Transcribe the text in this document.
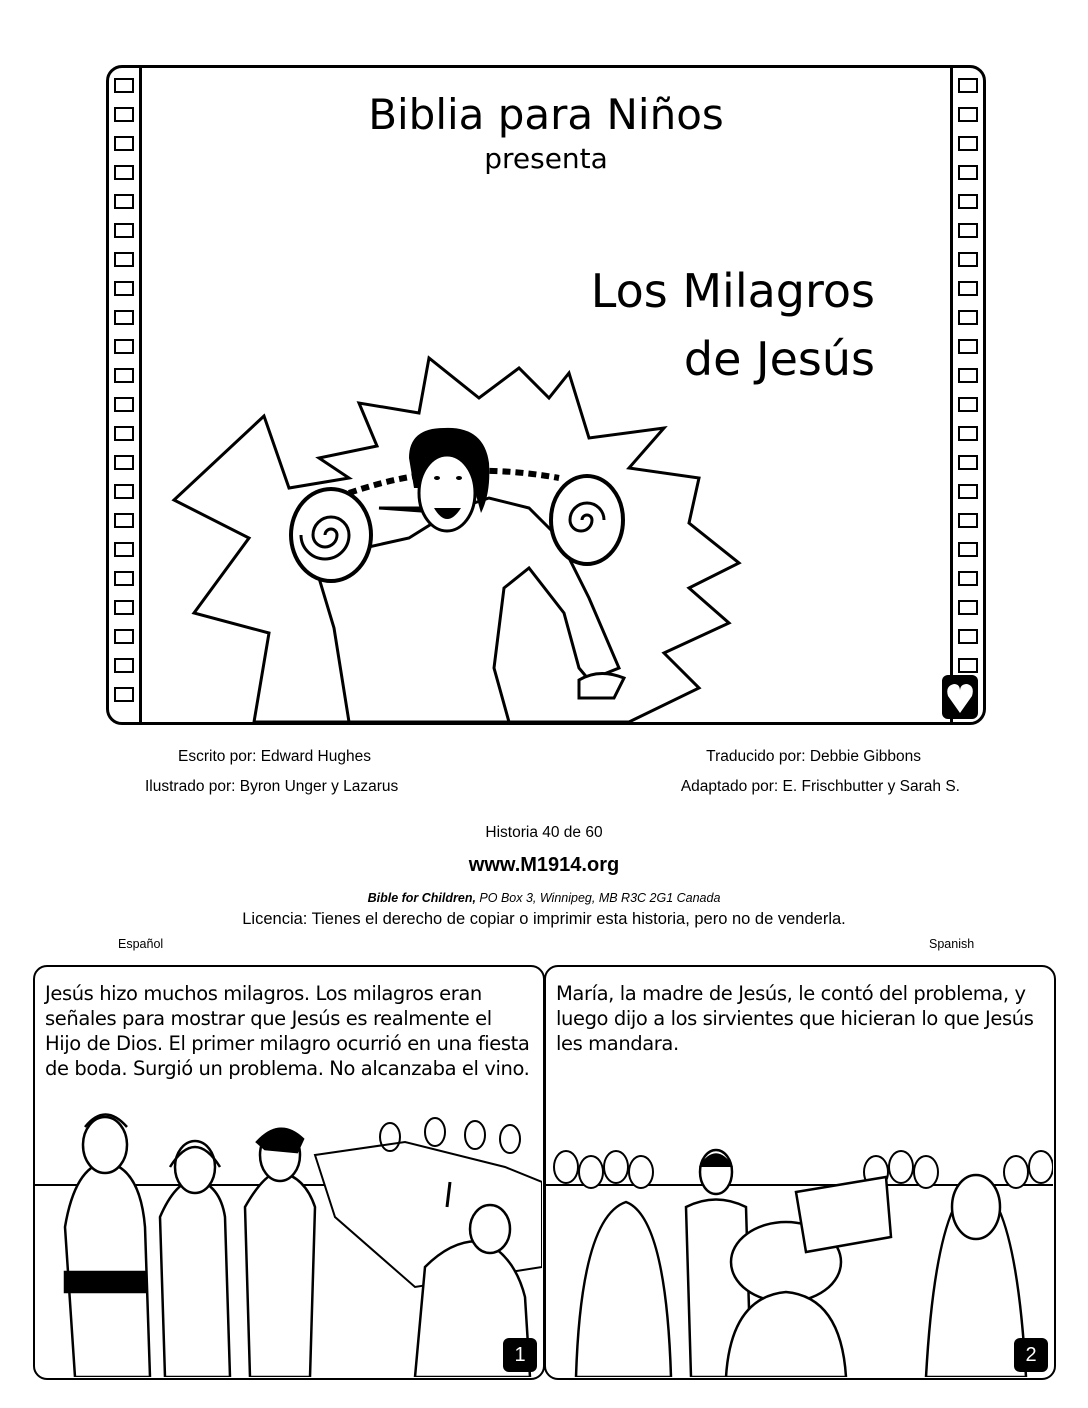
Biblia para Niños
presenta
Los Milagros
de Jesús
Escrito por: Edward Hughes
Ilustrado por: Byron Unger y Lazarus
Traducido por: Debbie Gibbons
Adaptado por: E. Frischbutter y Sarah S.
Historia 40 de 60
www.M1914.org
Bible for Children, PO Box 3, Winnipeg, MB R3C 2G1 Canada
Licencia: Tienes el derecho de copiar o imprimir esta historia, pero no de venderla.
Español	Spanish
Jesús hizo muchos milagros. Los milagros eran señales para mostrar que Jesús es realmente el Hijo de Dios. El primer milagro ocurrió en una fiesta de boda. Surgió un problema. No alcanzaba el vino.
1
María, la madre de Jesús, le contó del problema, y luego dijo a los sirvientes que hicieran lo que Jesús les mandara.
2
